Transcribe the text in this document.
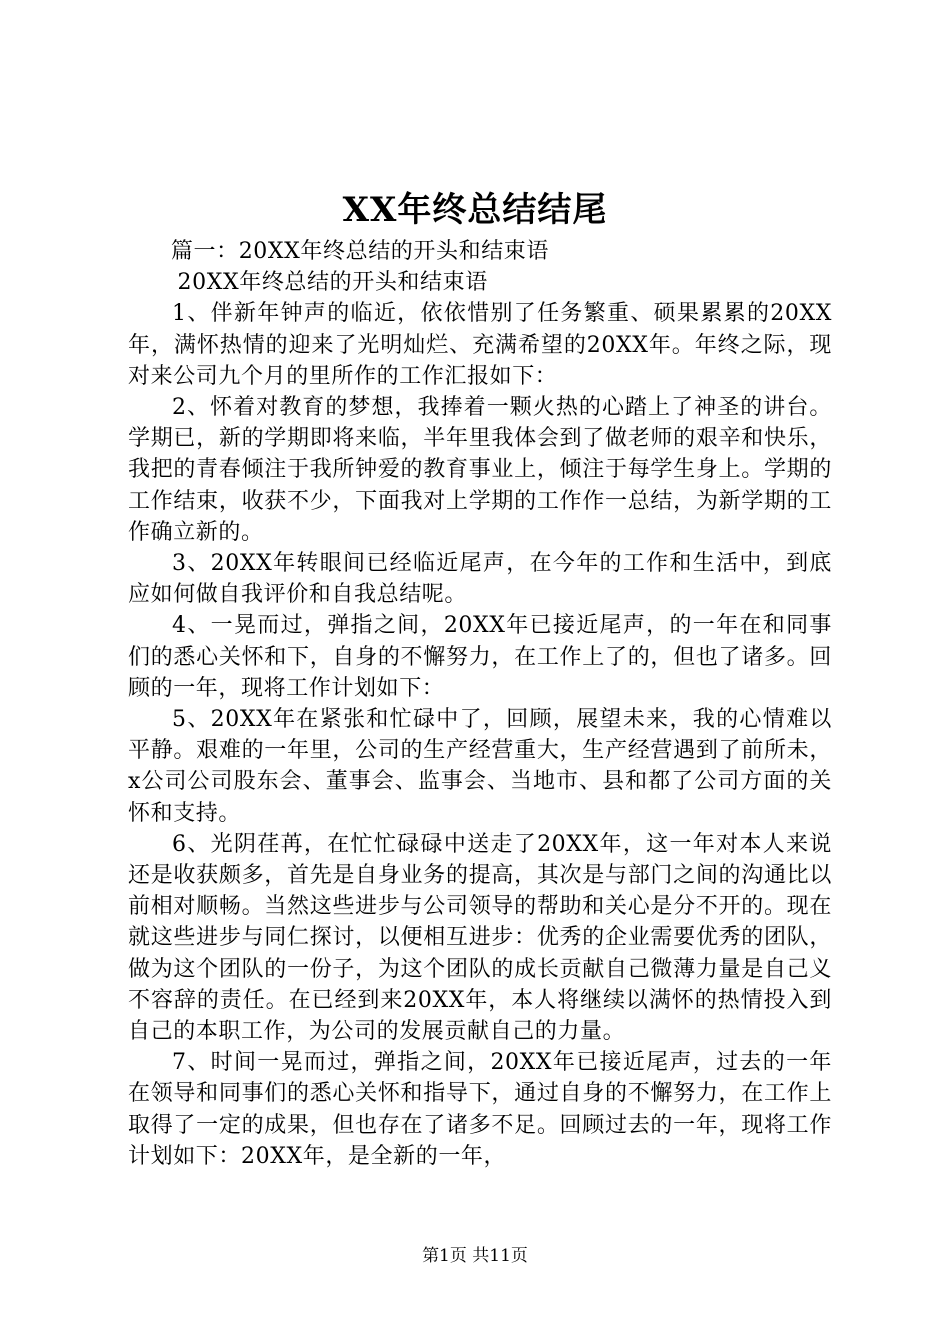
XX年终总结结尾

篇一：20XX年终总结的开头和结束语

20XX年终总结的开头和结束语

1、伴新年钟声的临近，依依惜别了任务繁重、硕果累累的20XX年，满怀热情的迎来了光明灿烂、充满希望的20XX年。年终之际，现对来公司九个月的里所作的工作汇报如下：

2、怀着对教育的梦想，我捧着一颗火热的心踏上了神圣的讲台。学期已，新的学期即将来临，半年里我体会到了做老师的艰辛和快乐，我把的青春倾注于我所钟爱的教育事业上，倾注于每学生身上。学期的工作结束，收获不少，下面我对上学期的工作作一总结，为新学期的工作确立新的。

3、20XX年转眼间已经临近尾声，在今年的工作和生活中，到底应如何做自我评价和自我总结呢。

4、一晃而过，弹指之间，20XX年已接近尾声，的一年在和同事们的悉心关怀和下，自身的不懈努力，在工作上了的，但也了诸多。回顾的一年，现将工作计划如下：

5、20XX年在紧张和忙碌中了，回顾，展望未来，我的心情难以平静。艰难的一年里，公司的生产经营重大，生产经营遇到了前所未，x公司公司股东会、董事会、监事会、当地市、县和都了公司方面的关怀和支持。

6、光阴荏苒，在忙忙碌碌中送走了20XX年，这一年对本人来说还是收获颇多，首先是自身业务的提高，其次是与部门之间的沟通比以前相对顺畅。当然这些进步与公司领导的帮助和关心是分不开的。现在就这些进步与同仁探讨，以便相互进步：优秀的企业需要优秀的团队，做为这个团队的一份子，为这个团队的成长贡献自己微薄力量是自己义不容辞的责任。在已经到来20XX年，本人将继续以满怀的热情投入到自己的本职工作，为公司的发展贡献自己的力量。

7、时间一晃而过，弹指之间，20XX年已接近尾声，过去的一年在领导和同事们的悉心关怀和指导下，通过自身的不懈努力，在工作上取得了一定的成果，但也存在了诸多不足。回顾过去的一年，现将工作计划如下：20XX年，是全新的一年，

第1页 共11页
